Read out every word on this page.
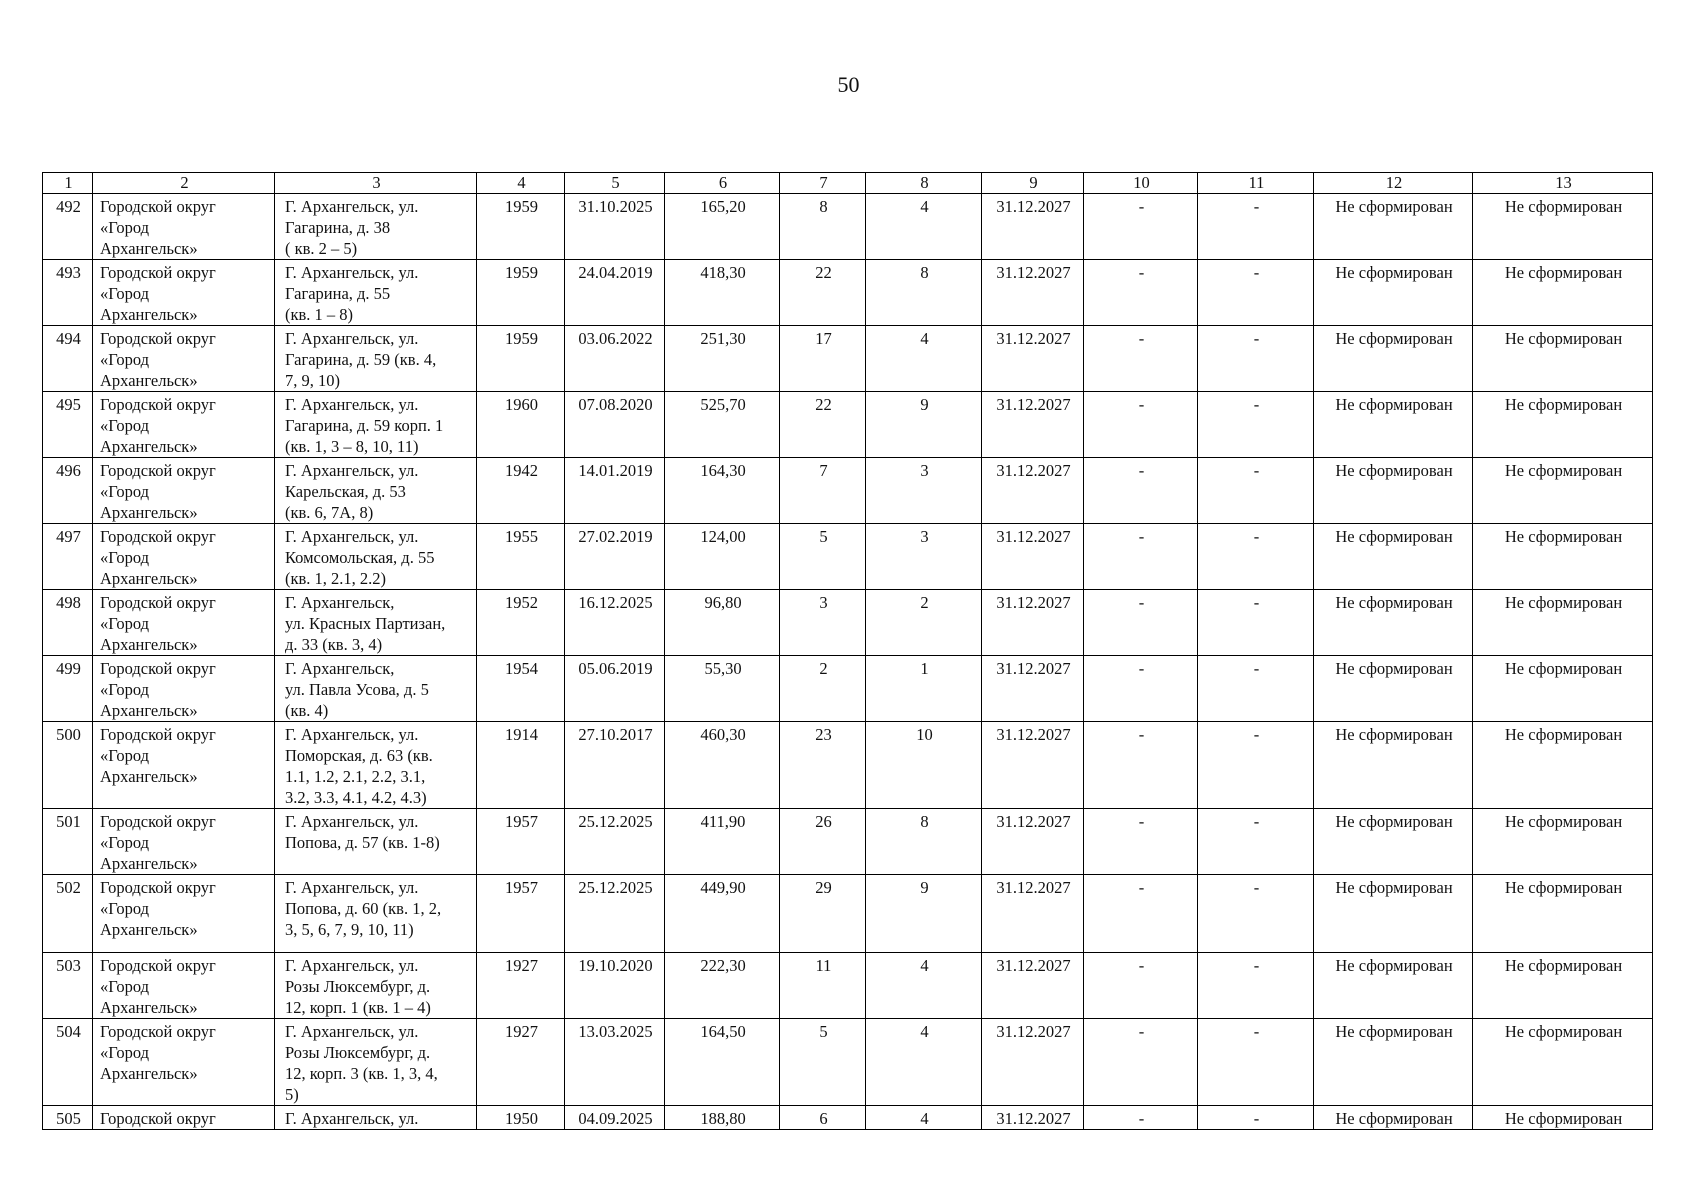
50
1	2	3	4	5	6	7	8	9	10	11	12	13
492	Городской округ
«Город
Архангельск»	Г. Архангельск, ул.
Гагарина, д. 38
( кв. 2 – 5)	1959	31.10.2025	165,20	8	4	31.12.2027	-	-	Не сформирован	Не сформирован
493	Городской округ
«Город
Архангельск»	Г. Архангельск, ул.
Гагарина, д. 55
(кв. 1 – 8)	1959	24.04.2019	418,30	22	8	31.12.2027	-	-	Не сформирован	Не сформирован
494	Городской округ
«Город
Архангельск»	Г. Архангельск, ул.
Гагарина, д. 59 (кв. 4,
7, 9, 10)	1959	03.06.2022	251,30	17	4	31.12.2027	-	-	Не сформирован	Не сформирован
495	Городской округ
«Город
Архангельск»	Г. Архангельск, ул.
Гагарина, д. 59 корп. 1
(кв. 1, 3 – 8, 10, 11)	1960	07.08.2020	525,70	22	9	31.12.2027	-	-	Не сформирован	Не сформирован
496	Городской округ
«Город
Архангельск»	Г. Архангельск, ул.
Карельская, д. 53
(кв. 6, 7А, 8)	1942	14.01.2019	164,30	7	3	31.12.2027	-	-	Не сформирован	Не сформирован
497	Городской округ
«Город
Архангельск»	Г. Архангельск, ул.
Комсомольская, д. 55
(кв. 1, 2.1, 2.2)	1955	27.02.2019	124,00	5	3	31.12.2027	-	-	Не сформирован	Не сформирован
498	Городской округ
«Город
Архангельск»	Г. Архангельск,
ул. Красных Партизан,
д. 33 (кв. 3, 4)	1952	16.12.2025	96,80	3	2	31.12.2027	-	-	Не сформирован	Не сформирован
499	Городской округ
«Город
Архангельск»	Г. Архангельск,
ул. Павла Усова, д. 5
(кв. 4)	1954	05.06.2019	55,30	2	1	31.12.2027	-	-	Не сформирован	Не сформирован
500	Городской округ
«Город
Архангельск»	Г. Архангельск, ул.
Поморская, д. 63 (кв.
1.1, 1.2, 2.1, 2.2, 3.1,
3.2, 3.3, 4.1, 4.2, 4.3)	1914	27.10.2017	460,30	23	10	31.12.2027	-	-	Не сформирован	Не сформирован
501	Городской округ
«Город
Архангельск»	Г. Архангельск, ул.
Попова, д. 57 (кв. 1-8)	1957	25.12.2025	411,90	26	8	31.12.2027	-	-	Не сформирован	Не сформирован
502	Городской округ
«Город
Архангельск»	Г. Архангельск, ул.
Попова, д. 60 (кв. 1, 2,
3, 5, 6, 7, 9, 10, 11)	1957	25.12.2025	449,90	29	9	31.12.2027	-	-	Не сформирован	Не сформирован
503	Городской округ
«Город
Архангельск»	Г. Архангельск, ул.
Розы Люксембург, д.
12, корп. 1 (кв. 1 – 4)	1927	19.10.2020	222,30	11	4	31.12.2027	-	-	Не сформирован	Не сформирован
504	Городской округ
«Город
Архангельск»	Г. Архангельск, ул.
Розы Люксембург, д.
12, корп. 3 (кв. 1, 3, 4,
5)	1927	13.03.2025	164,50	5	4	31.12.2027	-	-	Не сформирован	Не сформирован
505	Городской округ	Г. Архангельск, ул.	1950	04.09.2025	188,80	6	4	31.12.2027	-	-	Не сформирован	Не сформирован
